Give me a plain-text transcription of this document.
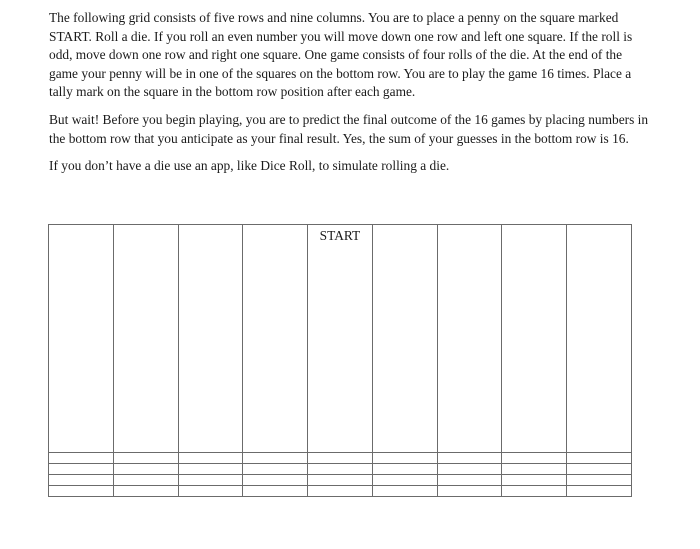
The following grid consists of five rows and nine columns. You are to place a penny on the square marked START. Roll a die. If you roll an even number you will move down one row and left one square. If the roll is odd, move down one row and right one square. One game consists of four rolls of the die. At the end of the game your penny will be in one of the squares on the bottom row. You are to play the game 16 times. Place a tally mark on the square in the bottom row position after each game.

But wait! Before you begin playing, you are to predict the final outcome of the 16 games by placing numbers in the bottom row that you anticipate as your final result. Yes, the sum of your guesses in the bottom row is 16.

If you don’t have a die use an app, like Dice Roll, to simulate rolling a die.

				START				
